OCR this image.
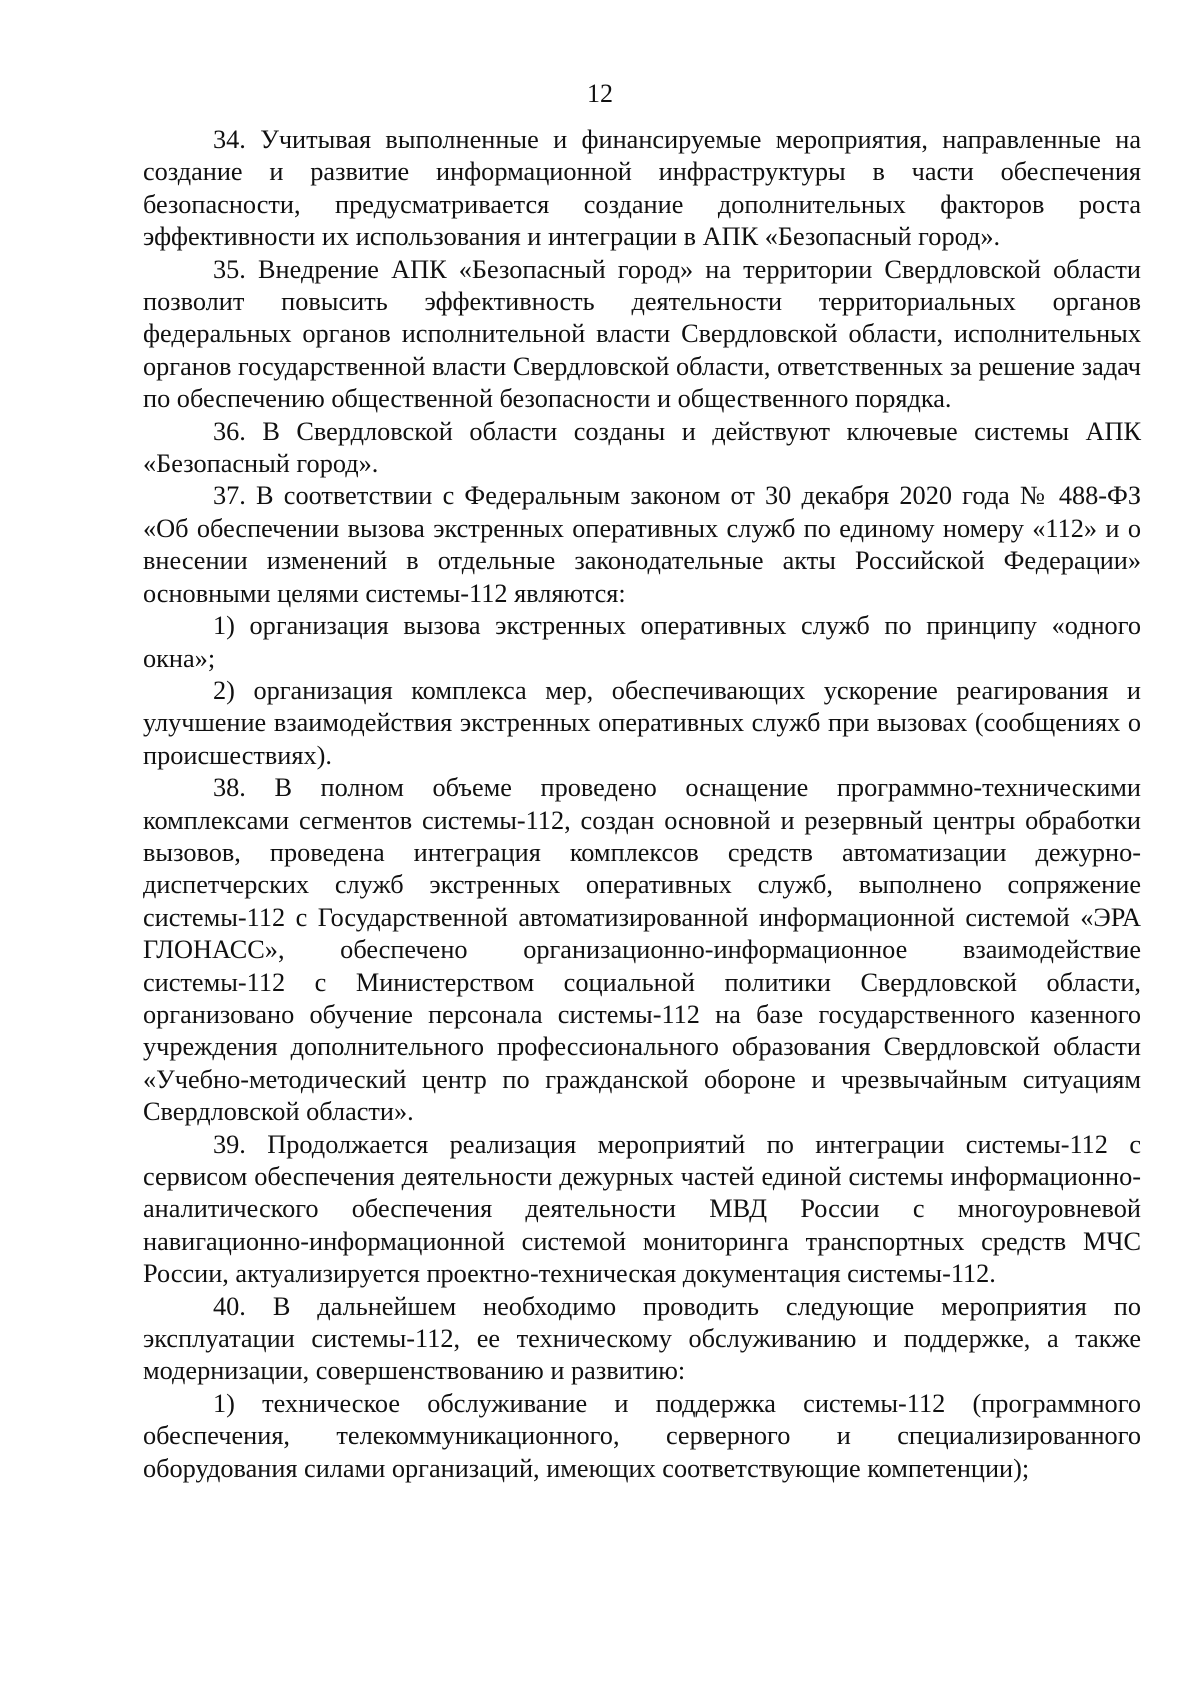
12

34. Учитывая выполненные и финансируемые мероприятия, направленные на создание и развитие информационной инфраструктуры в части обеспечения безопасности, предусматривается создание дополнительных факторов роста эффективности их использования и интеграции в АПК «Безопасный город».

35. Внедрение АПК «Безопасный город» на территории Свердловской области позволит повысить эффективность деятельности территориальных органов федеральных органов исполнительной власти Свердловской области, исполнительных органов государственной власти Свердловской области, ответственных за решение задач по обеспечению общественной безопасности и общественного порядка.

36. В Свердловской области созданы и действуют ключевые системы АПК «Безопасный город».

37. В соответствии с Федеральным законом от 30 декабря 2020 года № 488-ФЗ «Об обеспечении вызова экстренных оперативных служб по единому номеру «112» и о внесении изменений в отдельные законодательные акты Российской Федерации» основными целями системы-112 являются:

1) организация вызова экстренных оперативных служб по принципу «одного окна»;

2) организация комплекса мер, обеспечивающих ускорение реагирования и улучшение взаимодействия экстренных оперативных служб при вызовах (сообщениях о происшествиях).

38. В полном объеме проведено оснащение программно-техническими комплексами сегментов системы-112, создан основной и резервный центры обработки вызовов, проведена интеграция комплексов средств автоматизации дежурно-диспетчерских служб экстренных оперативных служб, выполнено сопряжение системы-112 с Государственной автоматизированной информационной системой «ЭРА ГЛОНАСС», обеспечено организационно-информационное взаимодействие системы-112 с Министерством социальной политики Свердловской области, организовано обучение персонала системы-112 на базе государственного казенного учреждения дополнительного профессионального образования Свердловской области «Учебно-методический центр по гражданской обороне и чрезвычайным ситуациям Свердловской области».

39. Продолжается реализация мероприятий по интеграции системы-112 с сервисом обеспечения деятельности дежурных частей единой системы информационно-аналитического обеспечения деятельности МВД России с многоуровневой навигационно-информационной системой мониторинга транспортных средств МЧС России, актуализируется проектно-техническая документация системы-112.

40. В дальнейшем необходимо проводить следующие мероприятия по эксплуатации системы-112, ее техническому обслуживанию и поддержке, а также модернизации, совершенствованию и развитию:

1) техническое обслуживание и поддержка системы-112 (программного обеспечения, телекоммуникационного, серверного и специализированного оборудования силами организаций, имеющих соответствующие компетенции);
